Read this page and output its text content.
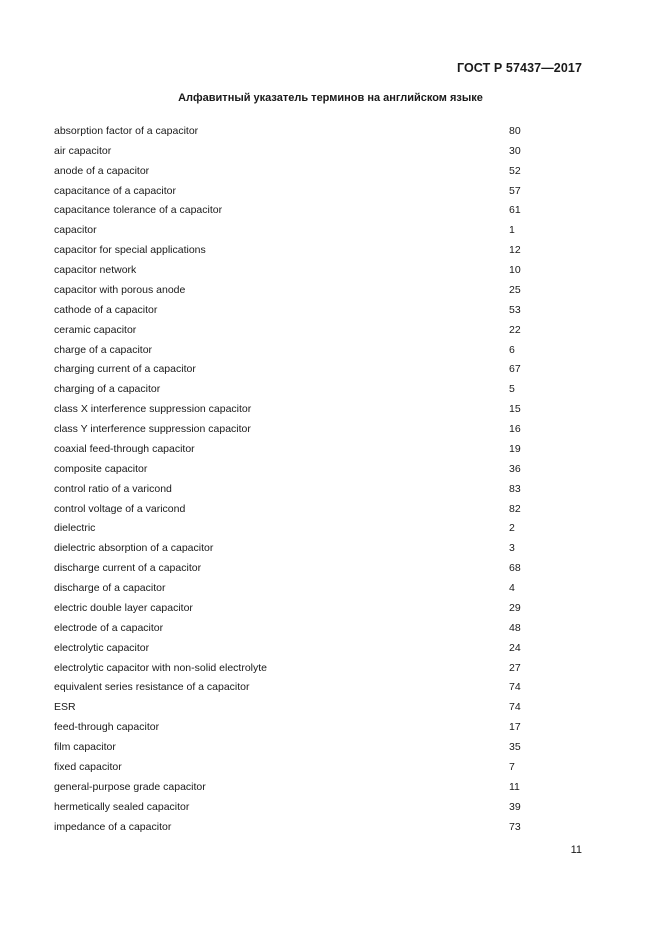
ГОСТ Р 57437—2017
Алфавитный указатель терминов на английском языке
absorption factor of a capacitor	80
air capacitor	30
anode of a capacitor	52
capacitance of a capacitor	57
capacitance tolerance of a capacitor	61
capacitor	1
capacitor for special applications	12
capacitor network	10
capacitor with porous anode	25
cathode of a capacitor	53
ceramic capacitor	22
charge of a capacitor	6
charging current of a capacitor	67
charging of a capacitor	5
class X interference suppression capacitor	15
class Y interference suppression capacitor	16
coaxial feed-through capacitor	19
composite capacitor	36
control ratio of a varicond	83
control voltage of a varicond	82
dielectric	2
dielectric absorption of a capacitor	3
discharge current of a capacitor	68
discharge of a capacitor	4
electric double layer capacitor	29
electrode of a capacitor	48
electrolytic capacitor	24
electrolytic capacitor with non-solid electrolyte	27
equivalent series resistance of a capacitor	74
ESR	74
feed-through capacitor	17
film capacitor	35
fixed capacitor	7
general-purpose grade capacitor	11
hermetically sealed capacitor	39
impedance of a capacitor	73
11
